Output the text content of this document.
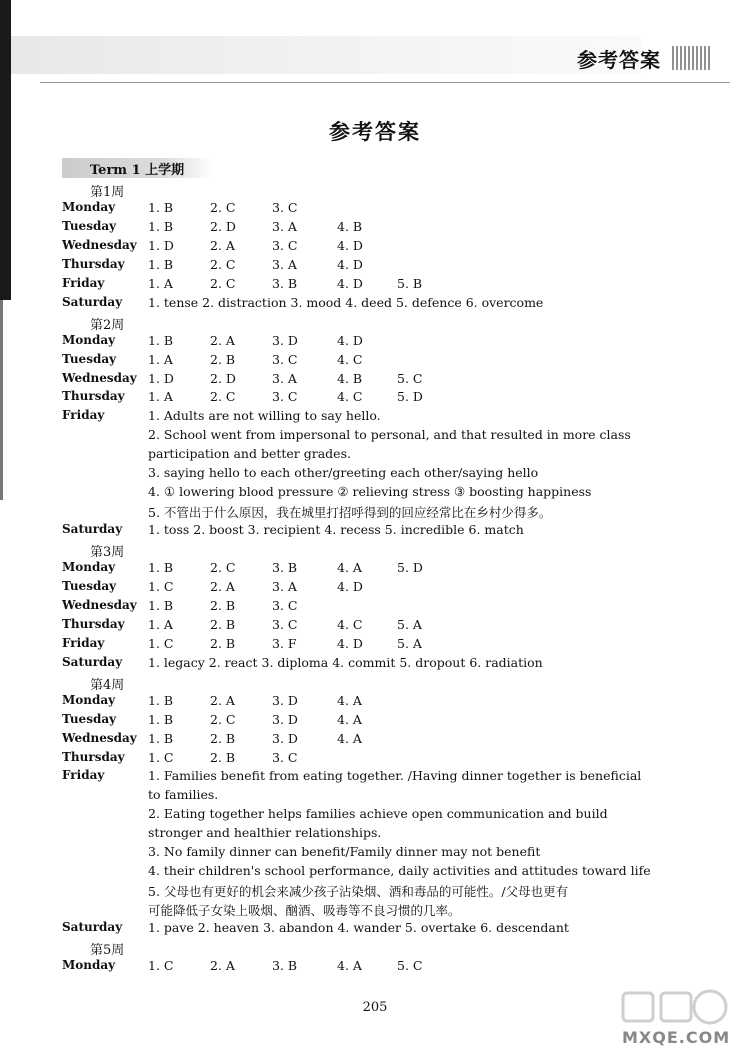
参考答案
参考答案
Term 1 上学期
第1周
Monday	1. B	2. C	3. C
Tuesday	1. B	2. D	3. A	4. B
Wednesday 1. D	2. A	3. C	4. D
Thursday 1. B	2. C	3. A	4. D
Friday	1. A	2. C	3. B	4. D	5. B
Saturday 1. tense 2. distraction 3. mood 4. deed 5. defence 6. overcome
第2周
Monday	1. B	2. A	3. D	4. D
Tuesday	1. A	2. B	3. C	4. C
Wednesday 1. D	2. D	3. A	4. B	5. C
Thursday 1. A	2. C	3. C	4. C	5. D
Friday	1. Adults are not willing to say hello.
2. School went from impersonal to personal, and that resulted in more class
participation and better grades.
3. saying hello to each other/greeting each other/saying hello
4. ① lowering blood pressure ② relieving stress ③ boosting happiness
5. 不管出于什么原因，我在城里打招呼得到的回应经常比在乡村少得多。
Saturday 1. toss 2. boost 3. recipient 4. recess 5. incredible 6. match
第3周
Monday	1. B	2. C	3. B	4. A	5. D
Tuesday	1. C	2. A	3. A	4. D
Wednesday 1. B	2. B	3. C
Thursday 1. A	2. B	3. C	4. C	5. A
Friday	1. C	2. B	3. F	4. D	5. A
Saturday 1. legacy 2. react 3. diploma 4. commit 5. dropout 6. radiation
第4周
Monday	1. B	2. A	3. D	4. A
Tuesday	1. B	2. C	3. D	4. A
Wednesday 1. B	2. B	3. D	4. A
Thursday 1. C	2. B	3. C
Friday	1. Families benefit from eating together. /Having dinner together is beneficial
to families.
2. Eating together helps families achieve open communication and build
stronger and healthier relationships.
3. No family dinner can benefit/Family dinner may not benefit
4. their children's school performance, daily activities and attitudes toward life
5. 父母也有更好的机会来减少孩子沾染烟、酒和毒品的可能性。/父母也更有
可能降低子女染上吸烟、酗酒、吸毒等不良习惯的几率。
Saturday 1. pave 2. heaven 3. abandon 4. wander 5. overtake 6. descendant
第5周
Monday	1. C	2. A	3. B	4. A	5. C
205
MXQE.COM
